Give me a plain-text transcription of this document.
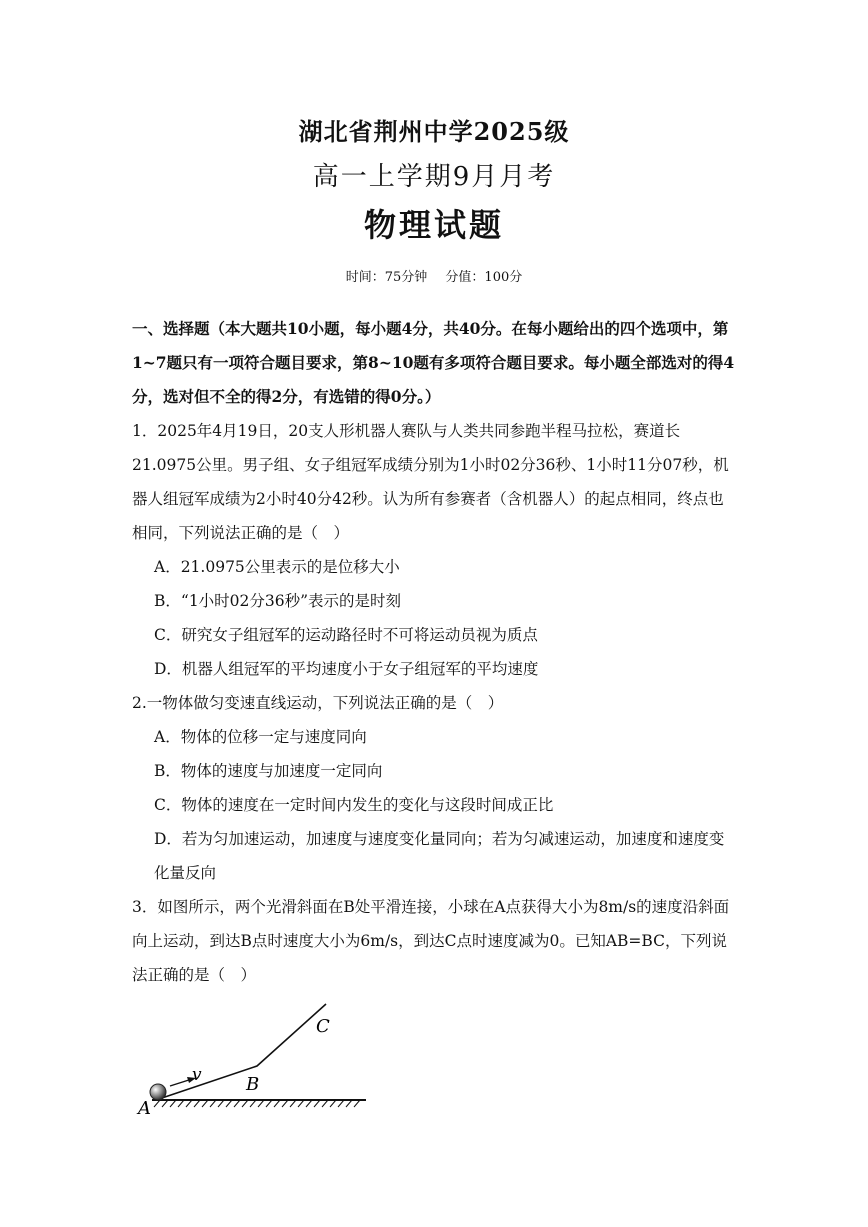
湖北省荆州中学2025级
高一上学期9月月考
物理试题
时间：75分钟 分值：100分

一、选择题（本大题共10小题，每小题4分，共40分。在每小题给出的四个选项中，第1~7题只有一项符合题目要求，第8~10题有多项符合题目要求。每小题全部选对的得4分，选对但不全的得2分，有选错的得0分。）

1．2025年4月19日，20支人形机器人赛队与人类共同参跑半程马拉松，赛道长21.0975公里。男子组、女子组冠军成绩分别为1小时02分36秒、1小时11分07秒，机器人组冠军成绩为2小时40分42秒。认为所有参赛者（含机器人）的起点相同，终点也相同，下列说法正确的是（　）

A．21.0975公里表示的是位移大小

B．“1小时02分36秒”表示的是时刻

C．研究女子组冠军的运动路径时不可将运动员视为质点

D．机器人组冠军的平均速度小于女子组冠军的平均速度

2.一物体做匀变速直线运动，下列说法正确的是（　）

A．物体的位移一定与速度同向

B．物体的速度与加速度一定同向

C．物体的速度在一定时间内发生的变化与这段时间成正比

D．若为匀加速运动，加速度与速度变化量同向；若为匀减速运动，加速度和速度变化量反向

3．如图所示，两个光滑斜面在B处平滑连接，小球在A点获得大小为8m/s的速度沿斜面向上运动，到达B点时速度大小为6m/s，到达C点时速度减为0。已知AB=BC，下列说法正确的是（　）

A
B
C
v
